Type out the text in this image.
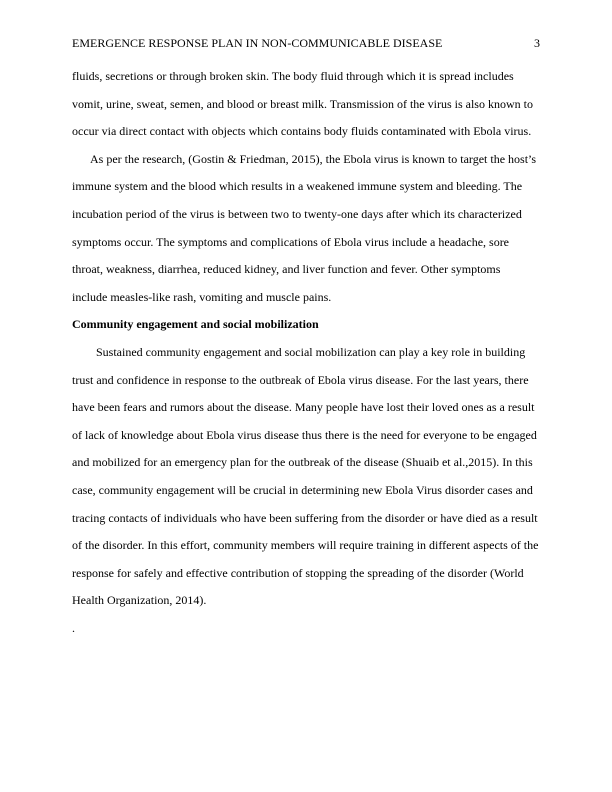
EMERGENCE RESPONSE PLAN IN NON-COMMUNICABLE DISEASE	3
fluids, secretions or through broken skin. The body fluid through which it is spread includes
vomit, urine, sweat, semen, and blood or breast milk. Transmission of the virus is also known to
occur via direct contact with objects which contains body fluids contaminated with Ebola virus.
As per the research, (Gostin & Friedman, 2015), the Ebola virus is known to target the host’s
immune system and the blood which results in a weakened immune system and bleeding. The
incubation period of the virus is between two to twenty-one days after which its characterized
symptoms occur. The symptoms and complications of Ebola virus include a headache, sore
throat, weakness, diarrhea, reduced kidney, and liver function and fever. Other symptoms
include measles-like rash, vomiting and muscle pains.
Community engagement and social mobilization
Sustained community engagement and social mobilization can play a key role in building
trust and confidence in response to the outbreak of Ebola virus disease. For the last years, there
have been fears and rumors about the disease. Many people have lost their loved ones as a result
of lack of knowledge about Ebola virus disease thus there is the need for everyone to be engaged
and mobilized for an emergency plan for the outbreak of the disease (Shuaib et al.,2015). In this
case, community engagement will be crucial in determining new Ebola Virus disorder cases and
tracing contacts of individuals who have been suffering from the disorder or have died as a result
of the disorder. In this effort, community members will require training in different aspects of the
response for safely and effective contribution of stopping the spreading of the disorder (World
Health Organization, 2014).
.
